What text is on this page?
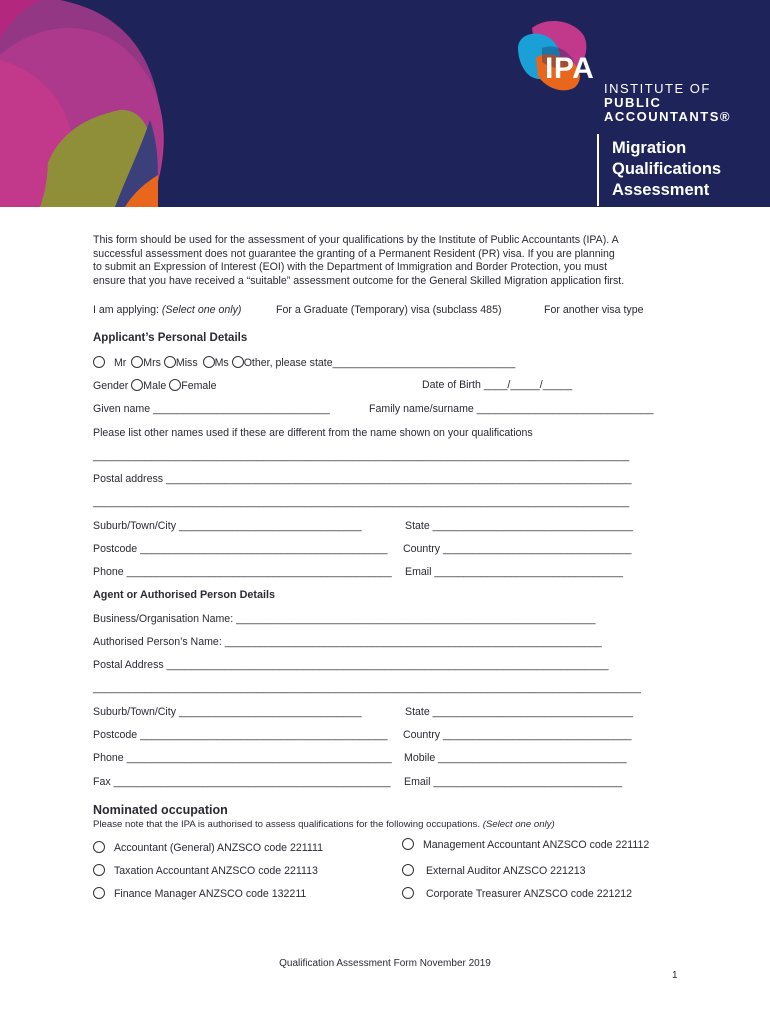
IPA
INSTITUTE OF
PUBLIC
ACCOUNTANTS®
Migration
Qualifications
Assessment
This form should be used for the assessment of your qualifications by the Institute of Public Accountants (IPA). A
successful assessment does not guarantee the granting of a Permanent Resident (PR) visa. If you are planning
to submit an Expression of Interest (EOI) with the Department of Immigration and Border Protection, you must
ensure that you have received a “suitable” assessment outcome for the General Skilled Migration application first.
I am applying: (Select one only)	For a Graduate (Temporary) visa (subclass 485)	For another visa type
Applicant’s Personal Details
Mr Mrs Miss Ms Other, please state_______________________________
Gender Male Female	Date of Birth ____/_____/_____
Given name ______________________________	Family name/surname ______________________________
Please list other names used if these are different from the name shown on your qualifications
___________________________________________________________________________________________
Postal address _______________________________________________________________________________
___________________________________________________________________________________________
Suburb/Town/City _______________________________	State __________________________________
Postcode __________________________________________ Country ________________________________
Phone _____________________________________________ Email ________________________________
Agent or Authorised Person Details
Business/Organisation Name: _____________________________________________________________
Authorised Person’s Name: ________________________________________________________________
Postal Address ___________________________________________________________________________
_____________________________________________________________________________________________
Suburb/Town/City _______________________________	State __________________________________
Postcode __________________________________________ Country ________________________________
Phone _____________________________________________ Mobile ________________________________
Fax _______________________________________________ Email ________________________________
Nominated occupation
Please note that the IPA is authorised to assess qualifications for the following occupations. (Select one only)
Accountant (General) ANZSCO code 221111	Management Accountant ANZSCO code 221112
Taxation Accountant ANZSCO code 221113	External Auditor ANZSCO 221213
Finance Manager ANZSCO code 132211	Corporate Treasurer ANZSCO code 221212
Qualification Assessment Form November 2019
1
